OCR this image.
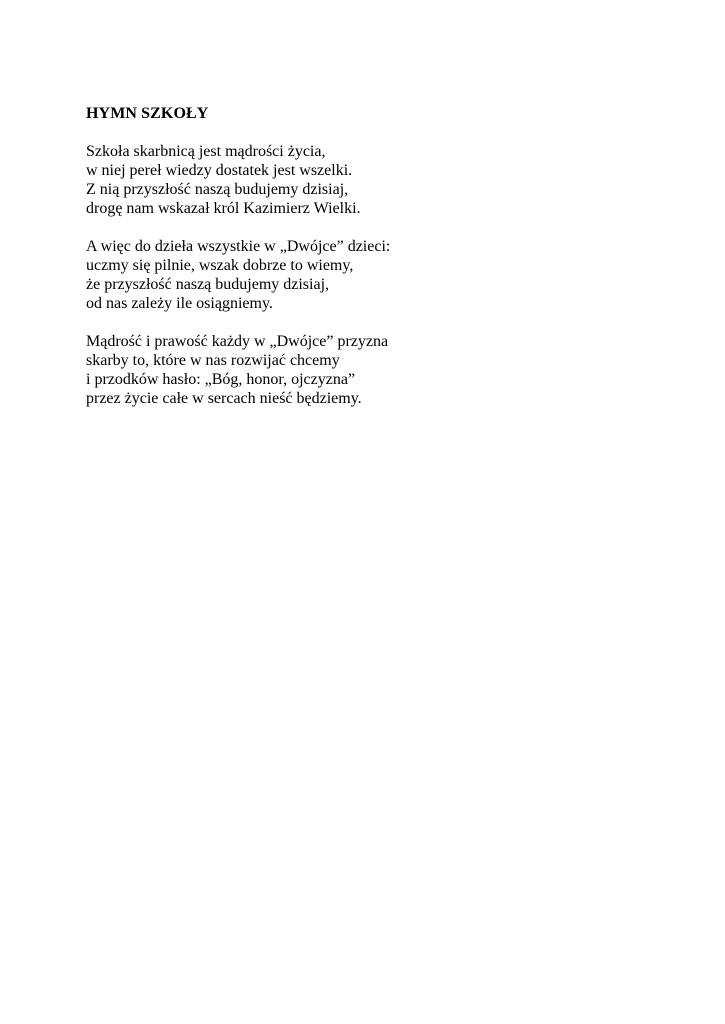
HYMN SZKOŁY
Szkoła skarbnicą jest mądrości życia,
w niej pereł wiedzy dostatek jest wszelki.
Z nią przyszłość naszą budujemy dzisiaj,
drogę nam wskazał król Kazimierz Wielki.
A więc do dzieła wszystkie w „Dwójce” dzieci:
uczmy się pilnie, wszak dobrze to wiemy,
że przyszłość naszą budujemy dzisiaj,
od nas zależy ile osiągniemy.
Mądrość i prawość każdy w „Dwójce” przyzna
skarby to, które w nas rozwijać chcemy
i przodków hasło: „Bóg, honor, ojczyzna”
przez życie całe w sercach nieść będziemy.
